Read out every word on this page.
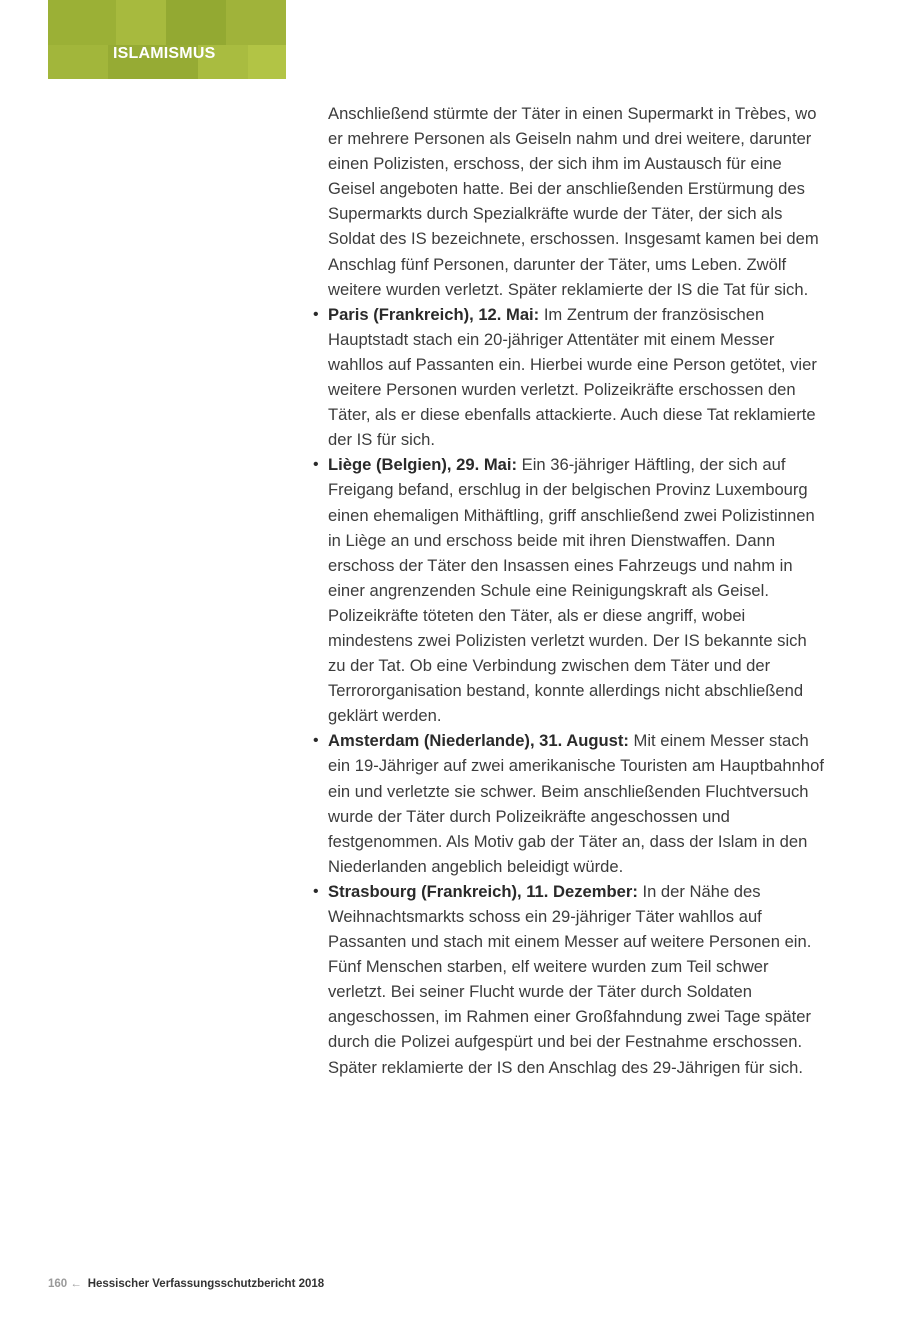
ISLAMISMUS

Anschließend stürmte der Täter in einen Supermarkt in Trèbes, wo er mehrere Personen als Geiseln nahm und drei weitere, darunter einen Polizisten, erschoss, der sich ihm im Austausch für eine Geisel angeboten hatte. Bei der anschließenden Erstürmung des Supermarkts durch Spezialkräfte wurde der Täter, der sich als Soldat des IS bezeichnete, erschossen. Insgesamt kamen bei dem Anschlag fünf Personen, darunter der Täter, ums Leben. Zwölf weitere wurden verletzt. Später reklamierte der IS die Tat für sich.

• Paris (Frankreich), 12. Mai: Im Zentrum der französischen Hauptstadt stach ein 20-jähriger Attentäter mit einem Messer wahllos auf Passanten ein. Hierbei wurde eine Person getötet, vier weitere Personen wurden verletzt. Polizeikräfte erschossen den Täter, als er diese ebenfalls attackierte. Auch diese Tat reklamierte der IS für sich.
• Liège (Belgien), 29. Mai: Ein 36-jähriger Häftling, der sich auf Freigang befand, erschlug in der belgischen Provinz Luxembourg einen ehemaligen Mithäftling, griff anschließend zwei Polizistinnen in Liège an und erschoss beide mit ihren Dienstwaffen. Dann erschoss der Täter den Insassen eines Fahrzeugs und nahm in einer angrenzenden Schule eine Reinigungskraft als Geisel. Polizeikräfte töteten den Täter, als er diese angriff, wobei mindestens zwei Polizisten verletzt wurden. Der IS bekannte sich zu der Tat. Ob eine Verbindung zwischen dem Täter und der Terrororganisation bestand, konnte allerdings nicht abschließend geklärt werden.
• Amsterdam (Niederlande), 31. August: Mit einem Messer stach ein 19-Jähriger auf zwei amerikanische Touristen am Hauptbahnhof ein und verletzte sie schwer. Beim anschließenden Fluchtversuch wurde der Täter durch Polizeikräfte angeschossen und festgenommen. Als Motiv gab der Täter an, dass der Islam in den Niederlanden angeblich beleidigt würde.
• Strasbourg (Frankreich), 11. Dezember: In der Nähe des Weihnachtsmarkts schoss ein 29-jähriger Täter wahllos auf Passanten und stach mit einem Messer auf weitere Personen ein. Fünf Menschen starben, elf weitere wurden zum Teil schwer verletzt. Bei seiner Flucht wurde der Täter durch Soldaten angeschossen, im Rahmen einer Großfahndung zwei Tage später durch die Polizei aufgespürt und bei der Festnahme erschossen. Später reklamierte der IS den Anschlag des 29-Jährigen für sich.
160 ← Hessischer Verfassungsschutzbericht 2018
